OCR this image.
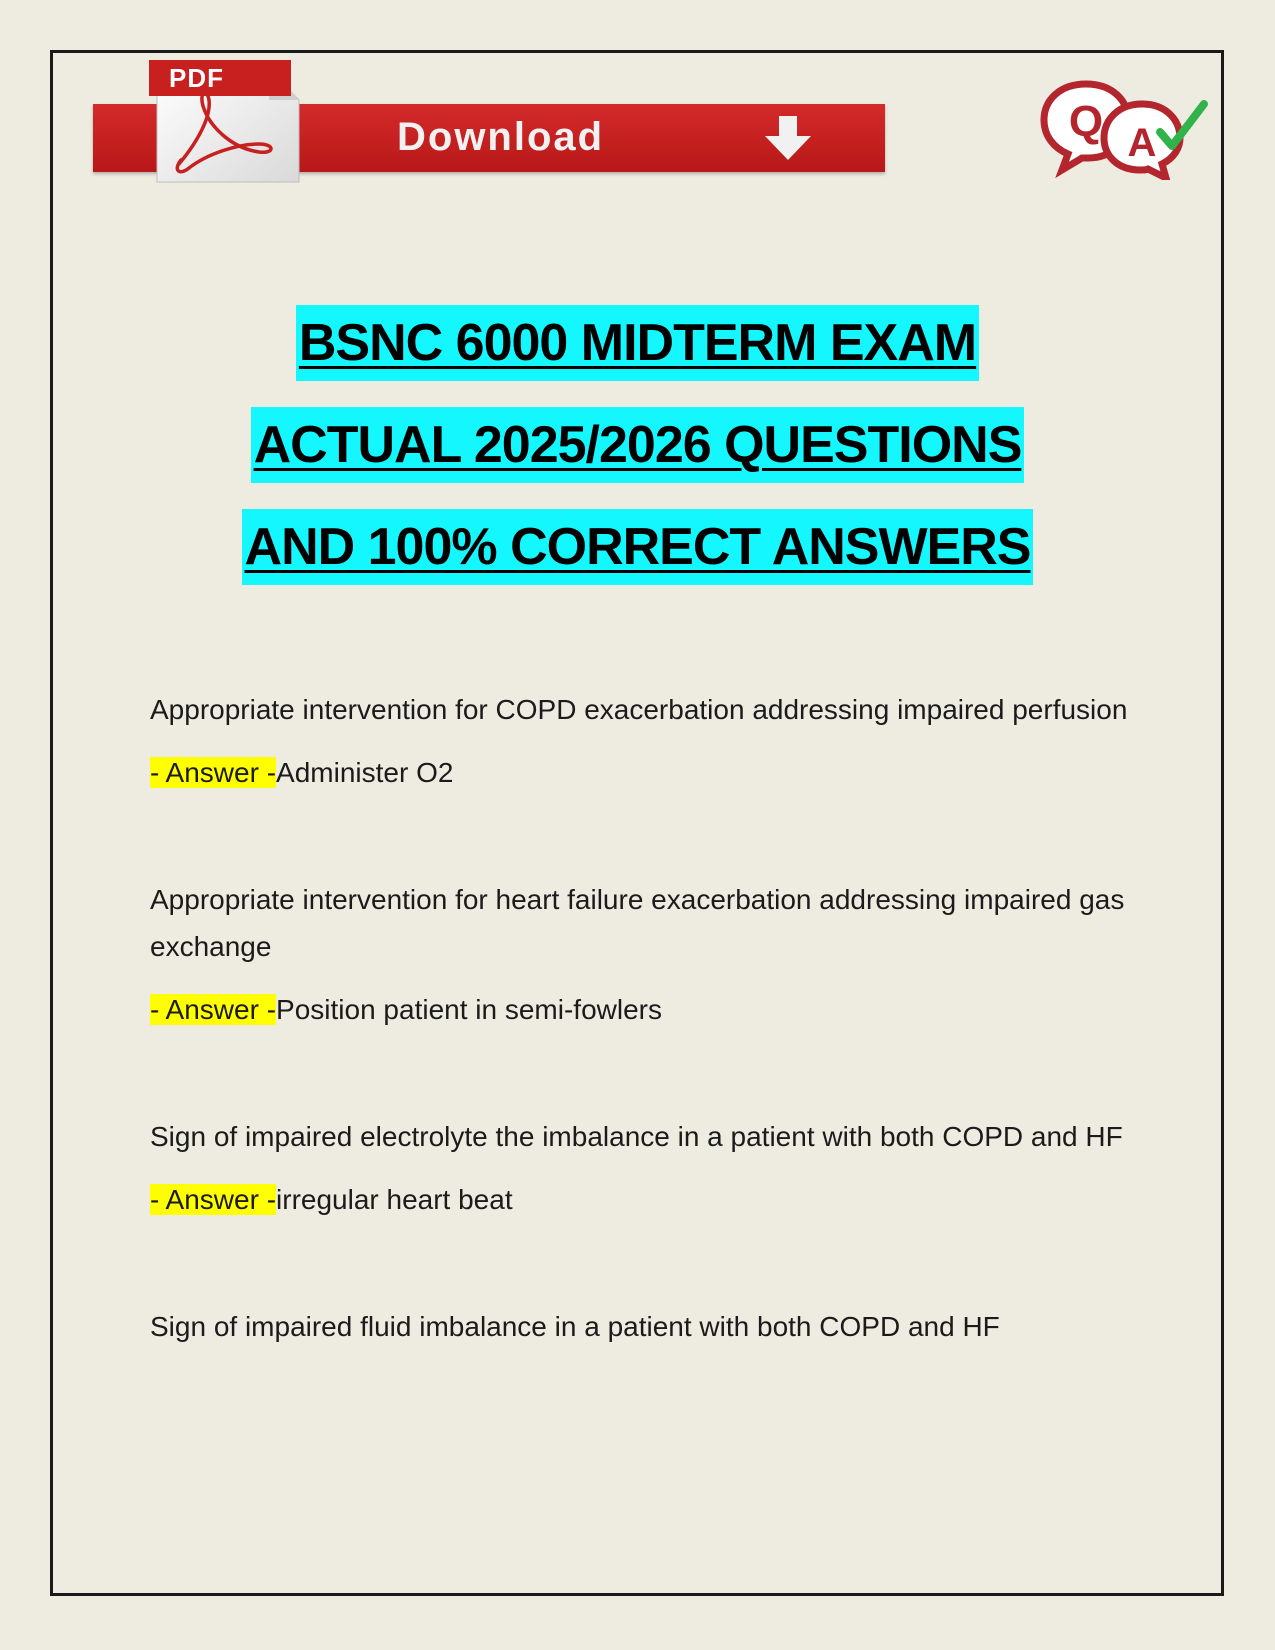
Download
PDF
Q A
BSNC 6000 MIDTERM EXAM
ACTUAL 2025/2026 QUESTIONS
AND 100% CORRECT ANSWERS

Appropriate intervention for COPD exacerbation addressing impaired perfusion

- Answer -Administer O2

Appropriate intervention for heart failure exacerbation addressing impaired gas exchange

- Answer -Position patient in semi-fowlers

Sign of impaired electrolyte the imbalance in a patient with both COPD and HF

- Answer -irregular heart beat

Sign of impaired fluid imbalance in a patient with both COPD and HF
